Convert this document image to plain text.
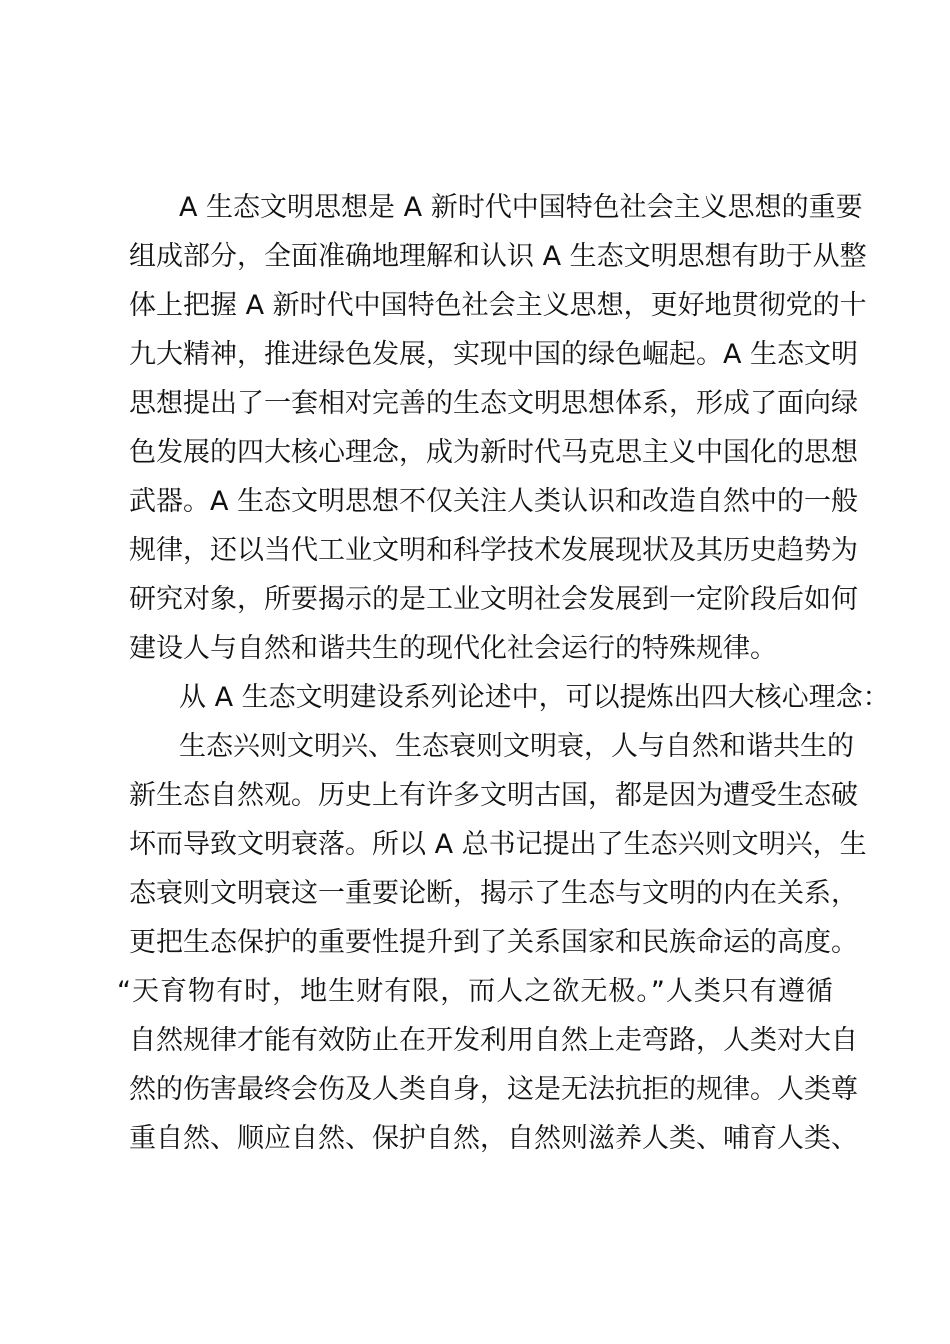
A 生态文明思想是 A 新时代中国特色社会主义思想的重要
组成部分，全面准确地理解和认识 A 生态文明思想有助于从整
体上把握 A 新时代中国特色社会主义思想，更好地贯彻党的十
九大精神，推进绿色发展，实现中国的绿色崛起。A 生态文明
思想提出了一套相对完善的生态文明思想体系，形成了面向绿
色发展的四大核心理念，成为新时代马克思主义中国化的思想
武器。A 生态文明思想不仅关注人类认识和改造自然中的一般
规律，还以当代工业文明和科学技术发展现状及其历史趋势为
研究对象，所要揭示的是工业文明社会发展到一定阶段后如何
建设人与自然和谐共生的现代化社会运行的特殊规律。
从 A 生态文明建设系列论述中，可以提炼出四大核心理念：
生态兴则文明兴、生态衰则文明衰，人与自然和谐共生的
新生态自然观。历史上有许多文明古国，都是因为遭受生态破
坏而导致文明衰落。所以 A 总书记提出了生态兴则文明兴，生
态衰则文明衰这一重要论断，揭示了生态与文明的内在关系，
更把生态保护的重要性提升到了关系国家和民族命运的高度。
“天育物有时，地生财有限，而人之欲无极。”人类只有遵循
自然规律才能有效防止在开发利用自然上走弯路，人类对大自
然的伤害最终会伤及人类自身，这是无法抗拒的规律。人类尊
重自然、顺应自然、保护自然，自然则滋养人类、哺育人类、
